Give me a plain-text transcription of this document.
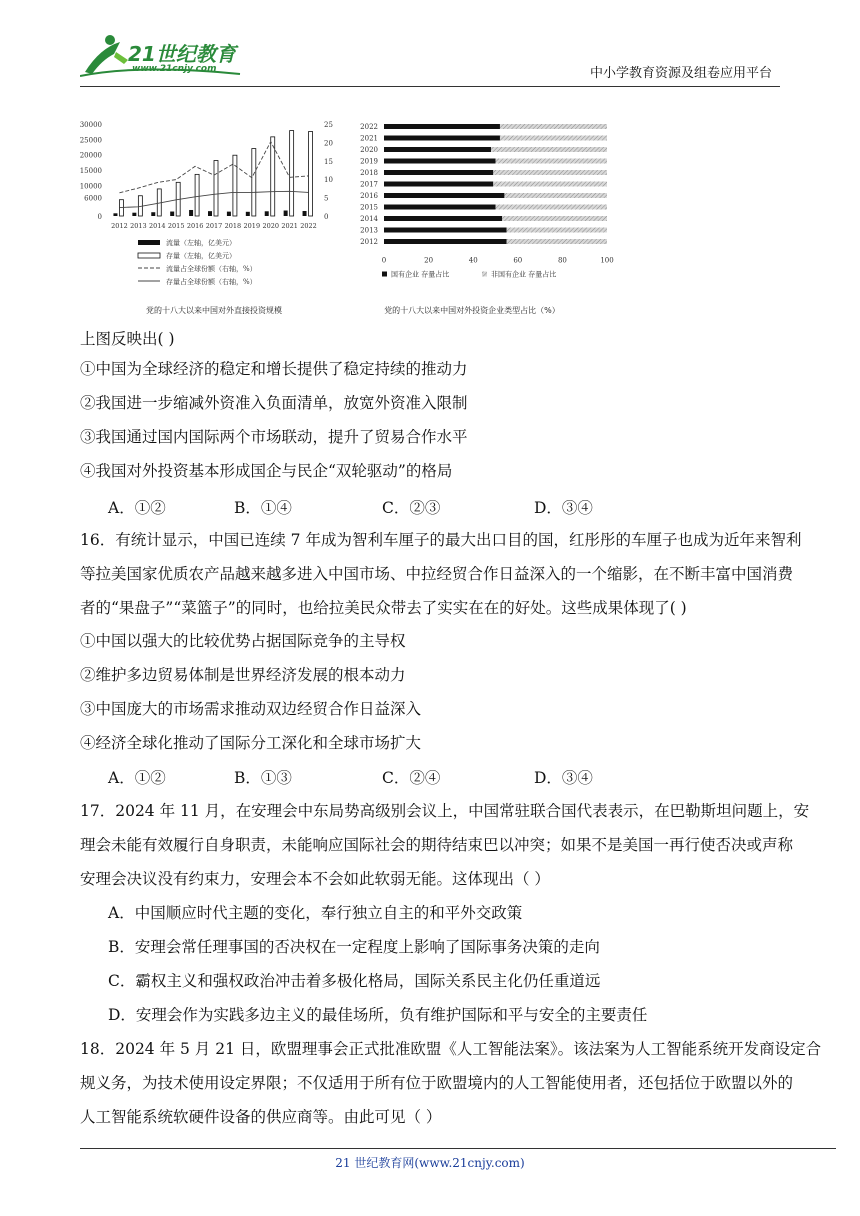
21世纪教育
www.21cnjy.com	中小学教育资源及组卷应用平台
30000
25000
20000
15000
10000
6000
0
25
20
15
10
5
0
2012 2013 2014 2015 2016 2017 2018 2019 2020 2021 2022
流量（左轴，亿美元）
存量（左轴，亿美元）
流量占全球份额（右轴，%）
存量占全球份额（右轴，%）
党的十八大以来中国对外直接投资规模
2022
2021
2020
2019
2018
2017
2016
2015
2014
2013
2012
0	20	40	60	80	100
国有企业 存量占比	非国有企业 存量占比
党的十八大以来中国对外投资企业类型占比（%）
上图反映出( )
①中国为全球经济的稳定和增长提供了稳定持续的推动力
②我国进一步缩减外资准入负面清单，放宽外资准入限制
③我国通过国内国际两个市场联动，提升了贸易合作水平
④我国对外投资基本形成国企与民企“双轮驱动”的格局
A．①②	B．①④	C．②③	D．③④
16．有统计显示，中国已连续 7 年成为智利车厘子的最大出口目的国，红彤彤的车厘子也成为近年来智利
等拉美国家优质农产品越来越多进入中国市场、中拉经贸合作日益深入的一个缩影，在不断丰富中国消费
者的“果盘子”“菜篮子”的同时，也给拉美民众带去了实实在在的好处。这些成果体现了( )
①中国以强大的比较优势占据国际竞争的主导权
②维护多边贸易体制是世界经济发展的根本动力
③中国庞大的市场需求推动双边经贸合作日益深入
④经济全球化推动了国际分工深化和全球市场扩大
A．①②	B．①③	C．②④	D．③④
17．2024 年 11 月，在安理会中东局势高级别会议上，中国常驻联合国代表表示，在巴勒斯坦问题上，安
理会未能有效履行自身职责，未能响应国际社会的期待结束巴以冲突；如果不是美国一再行使否决或声称
安理会决议没有约束力，安理会本不会如此软弱无能。这体现出（ ）
A．中国顺应时代主题的变化，奉行独立自主的和平外交政策
B．安理会常任理事国的否决权在一定程度上影响了国际事务决策的走向
C．霸权主义和强权政治冲击着多极化格局，国际关系民主化仍任重道远
D．安理会作为实践多边主义的最佳场所，负有维护国际和平与安全的主要责任
18．2024 年 5 月 21 日，欧盟理事会正式批准欧盟《人工智能法案》。该法案为人工智能系统开发商设定合
规义务，为技术使用设定界限；不仅适用于所有位于欧盟境内的人工智能使用者，还包括位于欧盟以外的
人工智能系统软硬件设备的供应商等。由此可见（ ）
21 世纪教育网(www.21cnjy.com)
